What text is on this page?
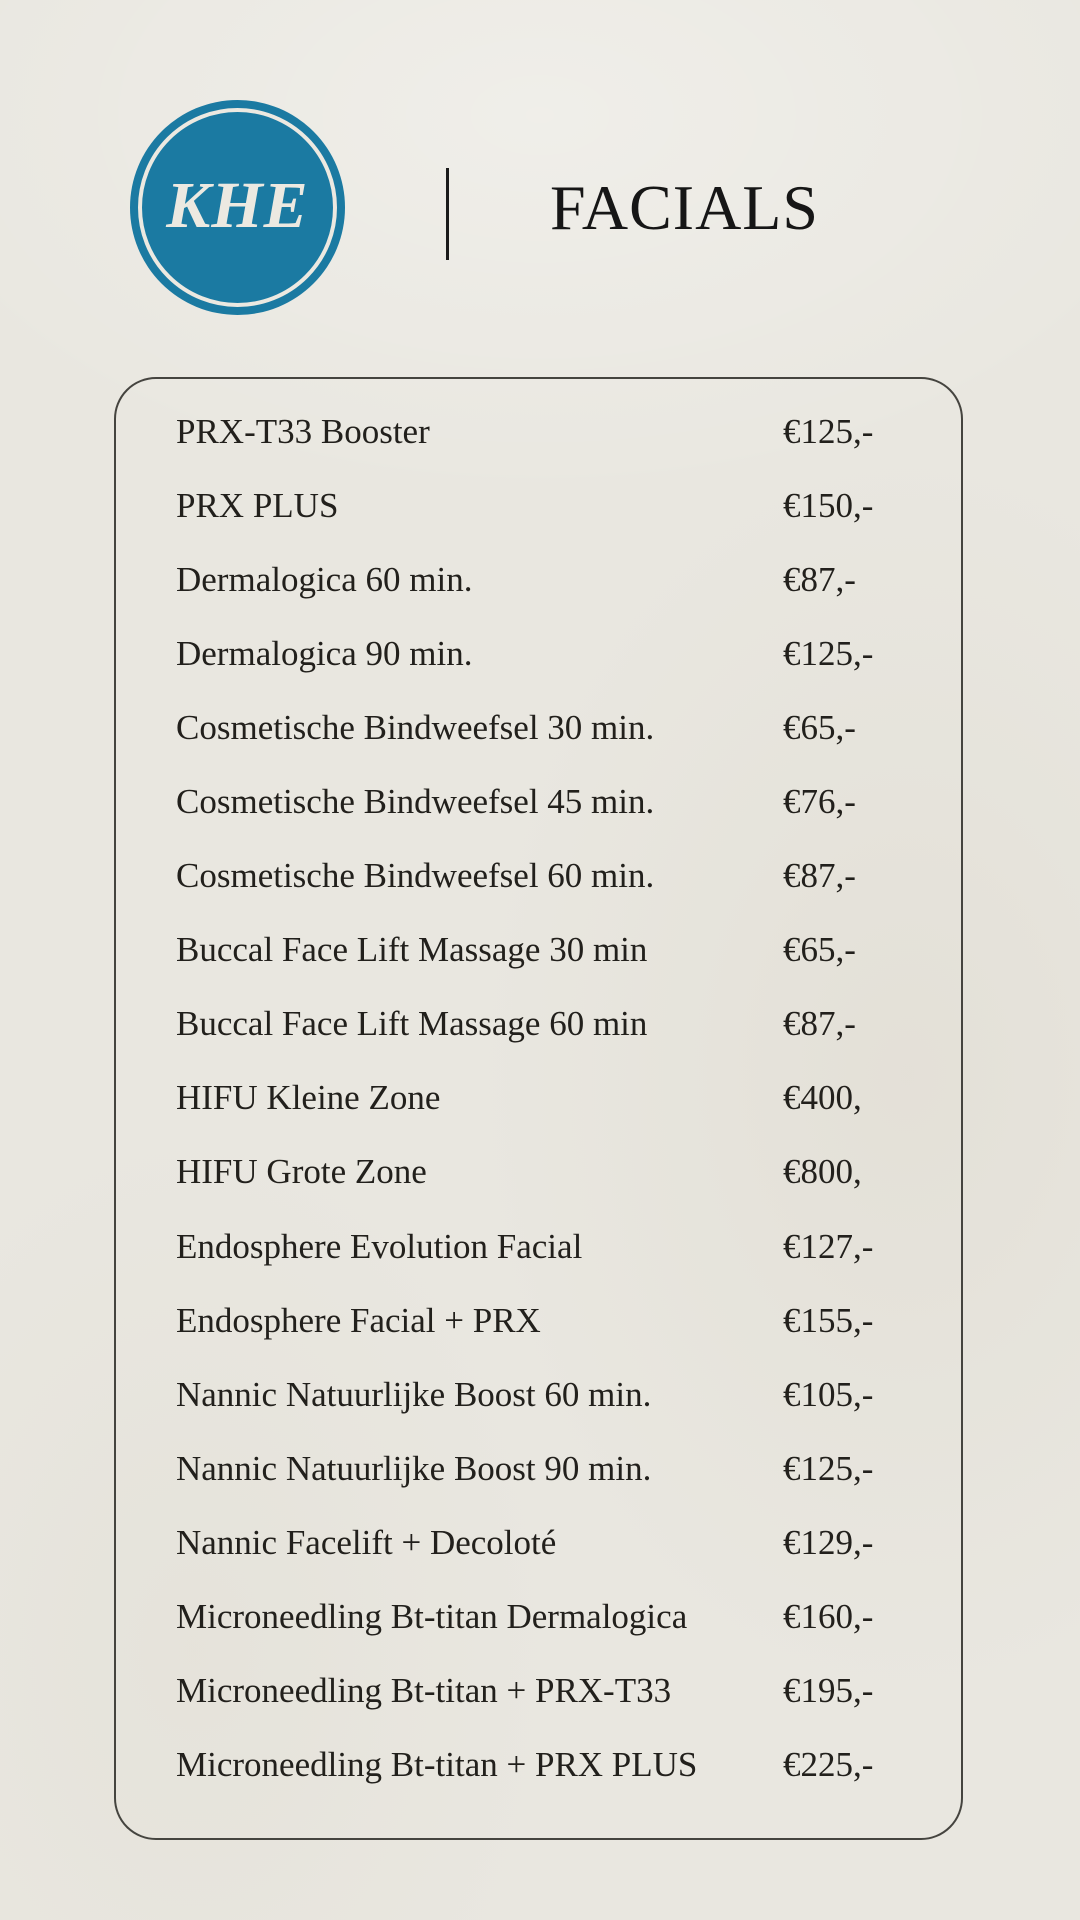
KHE	FACIALS
PRX-T33 Booster	€125,-
PRX PLUS	€150,-
Dermalogica 60 min.	€87,-
Dermalogica 90 min.	€125,-
Cosmetische Bindweefsel 30 min.	€65,-
Cosmetische Bindweefsel 45 min.	€76,-
Cosmetische Bindweefsel 60 min.	€87,-
Buccal Face Lift Massage 30 min	€65,-
Buccal Face Lift Massage 60 min	€87,-
HIFU Kleine Zone	€400,
HIFU Grote Zone	€800,
Endosphere Evolution Facial	€127,-
Endosphere Facial + PRX	€155,-
Nannic Natuurlijke Boost 60 min.	€105,-
Nannic Natuurlijke Boost 90 min.	€125,-
Nannic Facelift + Decoloté	€129,-
Microneedling Bt-titan Dermalogica	€160,-
Microneedling Bt-titan + PRX-T33	€195,-
Microneedling Bt-titan + PRX PLUS	€225,-
